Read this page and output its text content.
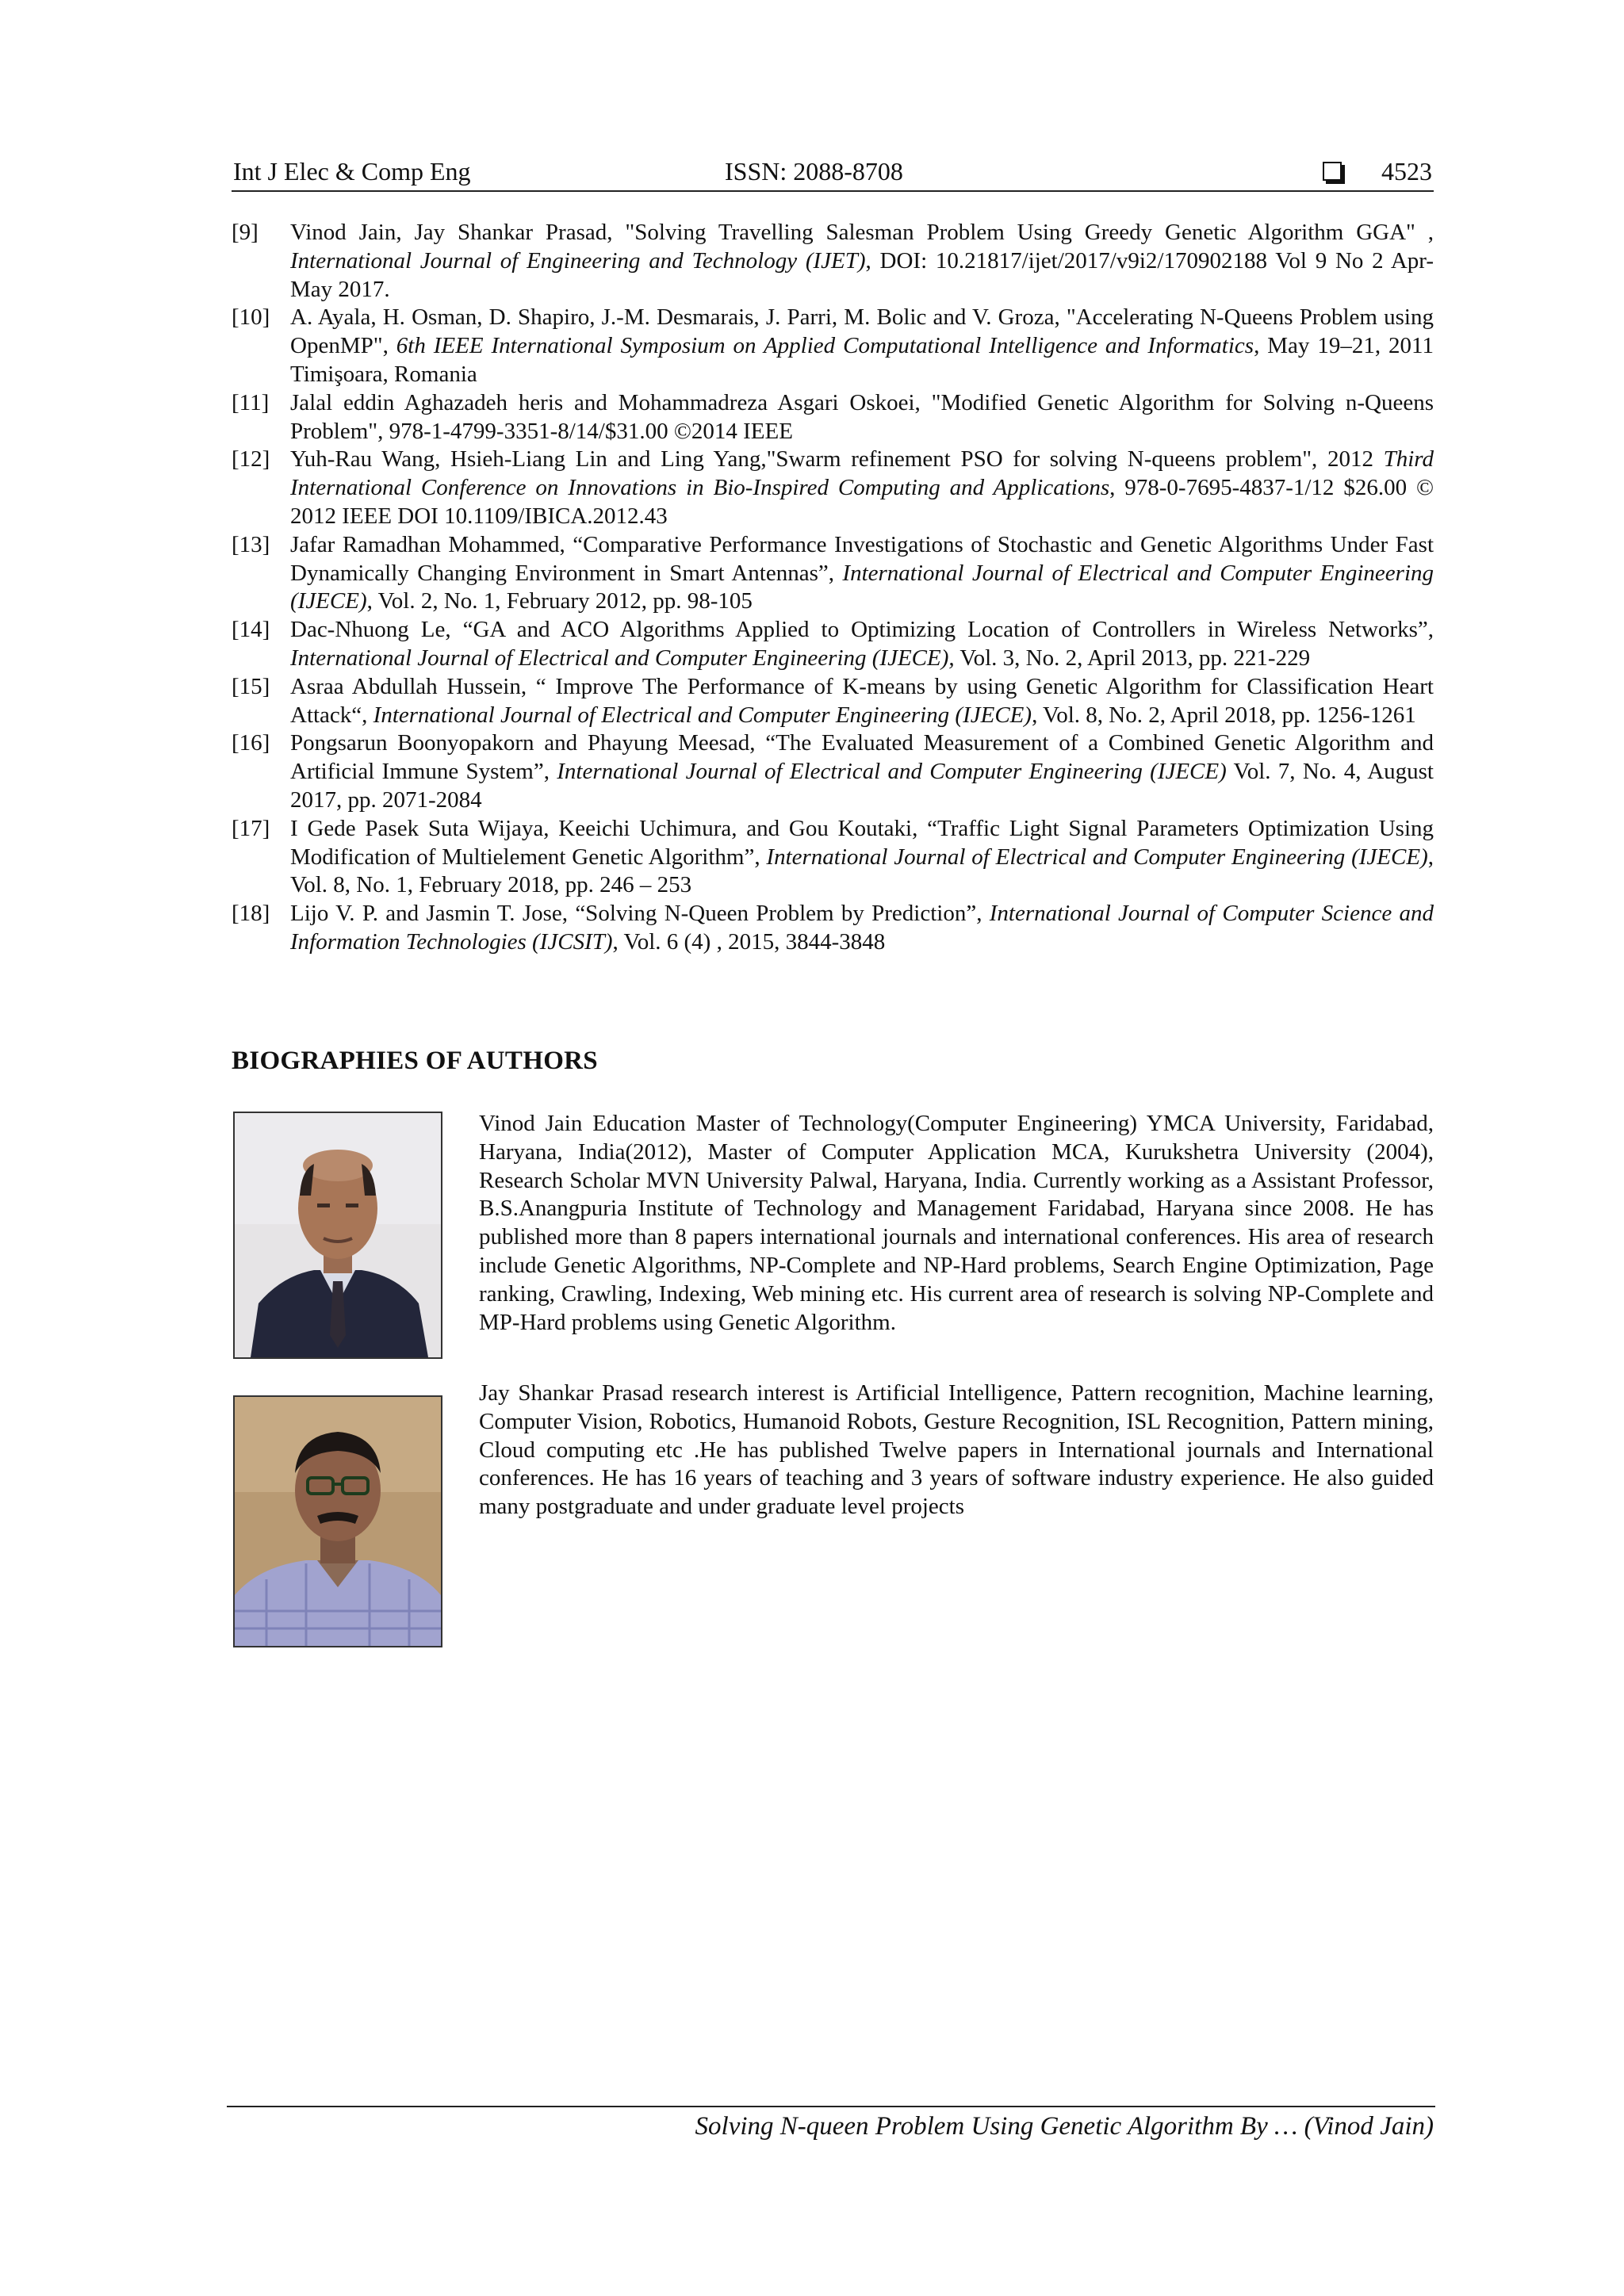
Int J Elec & Comp Eng	ISSN: 2088-8708	4523
[9]	Vinod Jain, Jay Shankar Prasad, "Solving Travelling Salesman Problem Using Greedy Genetic Algorithm GGA" , International Journal of Engineering and Technology (IJET), DOI: 10.21817/ijet/2017/v9i2/170902188 Vol 9 No 2 Apr-May 2017.
[10] A. Ayala, H. Osman, D. Shapiro, J.-M. Desmarais, J. Parri, M. Bolic and V. Groza, "Accelerating N-Queens Problem using OpenMP", 6th IEEE International Symposium on Applied Computational Intelligence and Informatics, May 19–21, 2011 Timişoara, Romania
[11] Jalal eddin Aghazadeh heris and Mohammadreza Asgari Oskoei, "Modified Genetic Algorithm for Solving n-Queens Problem", 978-1-4799-3351-8/14/$31.00 ©2014 IEEE
[12] Yuh-Rau Wang, Hsieh-Liang Lin and Ling Yang,"Swarm refinement PSO for solving N-queens problem", 2012 Third International Conference on Innovations in Bio-Inspired Computing and Applications, 978-0-7695-4837-1/12 $26.00 © 2012 IEEE DOI 10.1109/IBICA.2012.43
[13] Jafar Ramadhan Mohammed, “Comparative Performance Investigations of Stochastic and Genetic Algorithms Under Fast Dynamically Changing Environment in Smart Antennas”, International Journal of Electrical and Computer Engineering (IJECE), Vol. 2, No. 1, February 2012, pp. 98-105
[14] Dac-Nhuong Le, “GA and ACO Algorithms Applied to Optimizing Location of Controllers in Wireless Networks”, International Journal of Electrical and Computer Engineering (IJECE), Vol. 3, No. 2, April 2013, pp. 221-229
[15] Asraa Abdullah Hussein, “ Improve The Performance of K-means by using Genetic Algorithm for Classification Heart Attack“, International Journal of Electrical and Computer Engineering (IJECE), Vol. 8, No. 2, April 2018, pp. 1256-1261
[16] Pongsarun Boonyopakorn and Phayung Meesad, “The Evaluated Measurement of a Combined Genetic Algorithm and Artificial Immune System”, International Journal of Electrical and Computer Engineering (IJECE) Vol. 7, No. 4, August 2017, pp. 2071-2084
[17] I Gede Pasek Suta Wijaya, Keeichi Uchimura, and Gou Koutaki, “Traffic Light Signal Parameters Optimization Using Modification of Multielement Genetic Algorithm”, International Journal of Electrical and Computer Engineering (IJECE), Vol. 8, No. 1, February 2018, pp. 246 – 253
[18] Lijo V. P. and Jasmin T. Jose, “Solving N-Queen Problem by Prediction”, International Journal of Computer Science and Information Technologies (IJCSIT), Vol. 6 (4) , 2015, 3844-3848
BIOGRAPHIES OF AUTHORS
Vinod Jain Education Master of Technology(Computer Engineering) YMCA University, Faridabad, Haryana, India(2012), Master of Computer Application MCA, Kurukshetra University (2004), Research Scholar MVN University Palwal, Haryana, India. Currently working as a Assistant Professor, B.S.Anangpuria Institute of Technology and Management Faridabad, Haryana since 2008. He has published more than 8 papers international journals and international conferences. His area of research include Genetic Algorithms, NP-Complete and NP-Hard problems, Search Engine Optimization, Page ranking, Crawling, Indexing, Web mining etc. His current area of research is solving NP-Complete and MP-Hard problems using Genetic Algorithm.
Jay Shankar Prasad research interest is Artificial Intelligence, Pattern recognition, Machine learning, Computer Vision, Robotics, Humanoid Robots, Gesture Recognition, ISL Recognition, Pattern mining, Cloud computing etc .He has published Twelve papers in International journals and International conferences. He has 16 years of teaching and 3 years of software industry experience. He also guided many postgraduate and under graduate level projects
Solving N-queen Problem Using Genetic Algorithm By … (Vinod Jain)
